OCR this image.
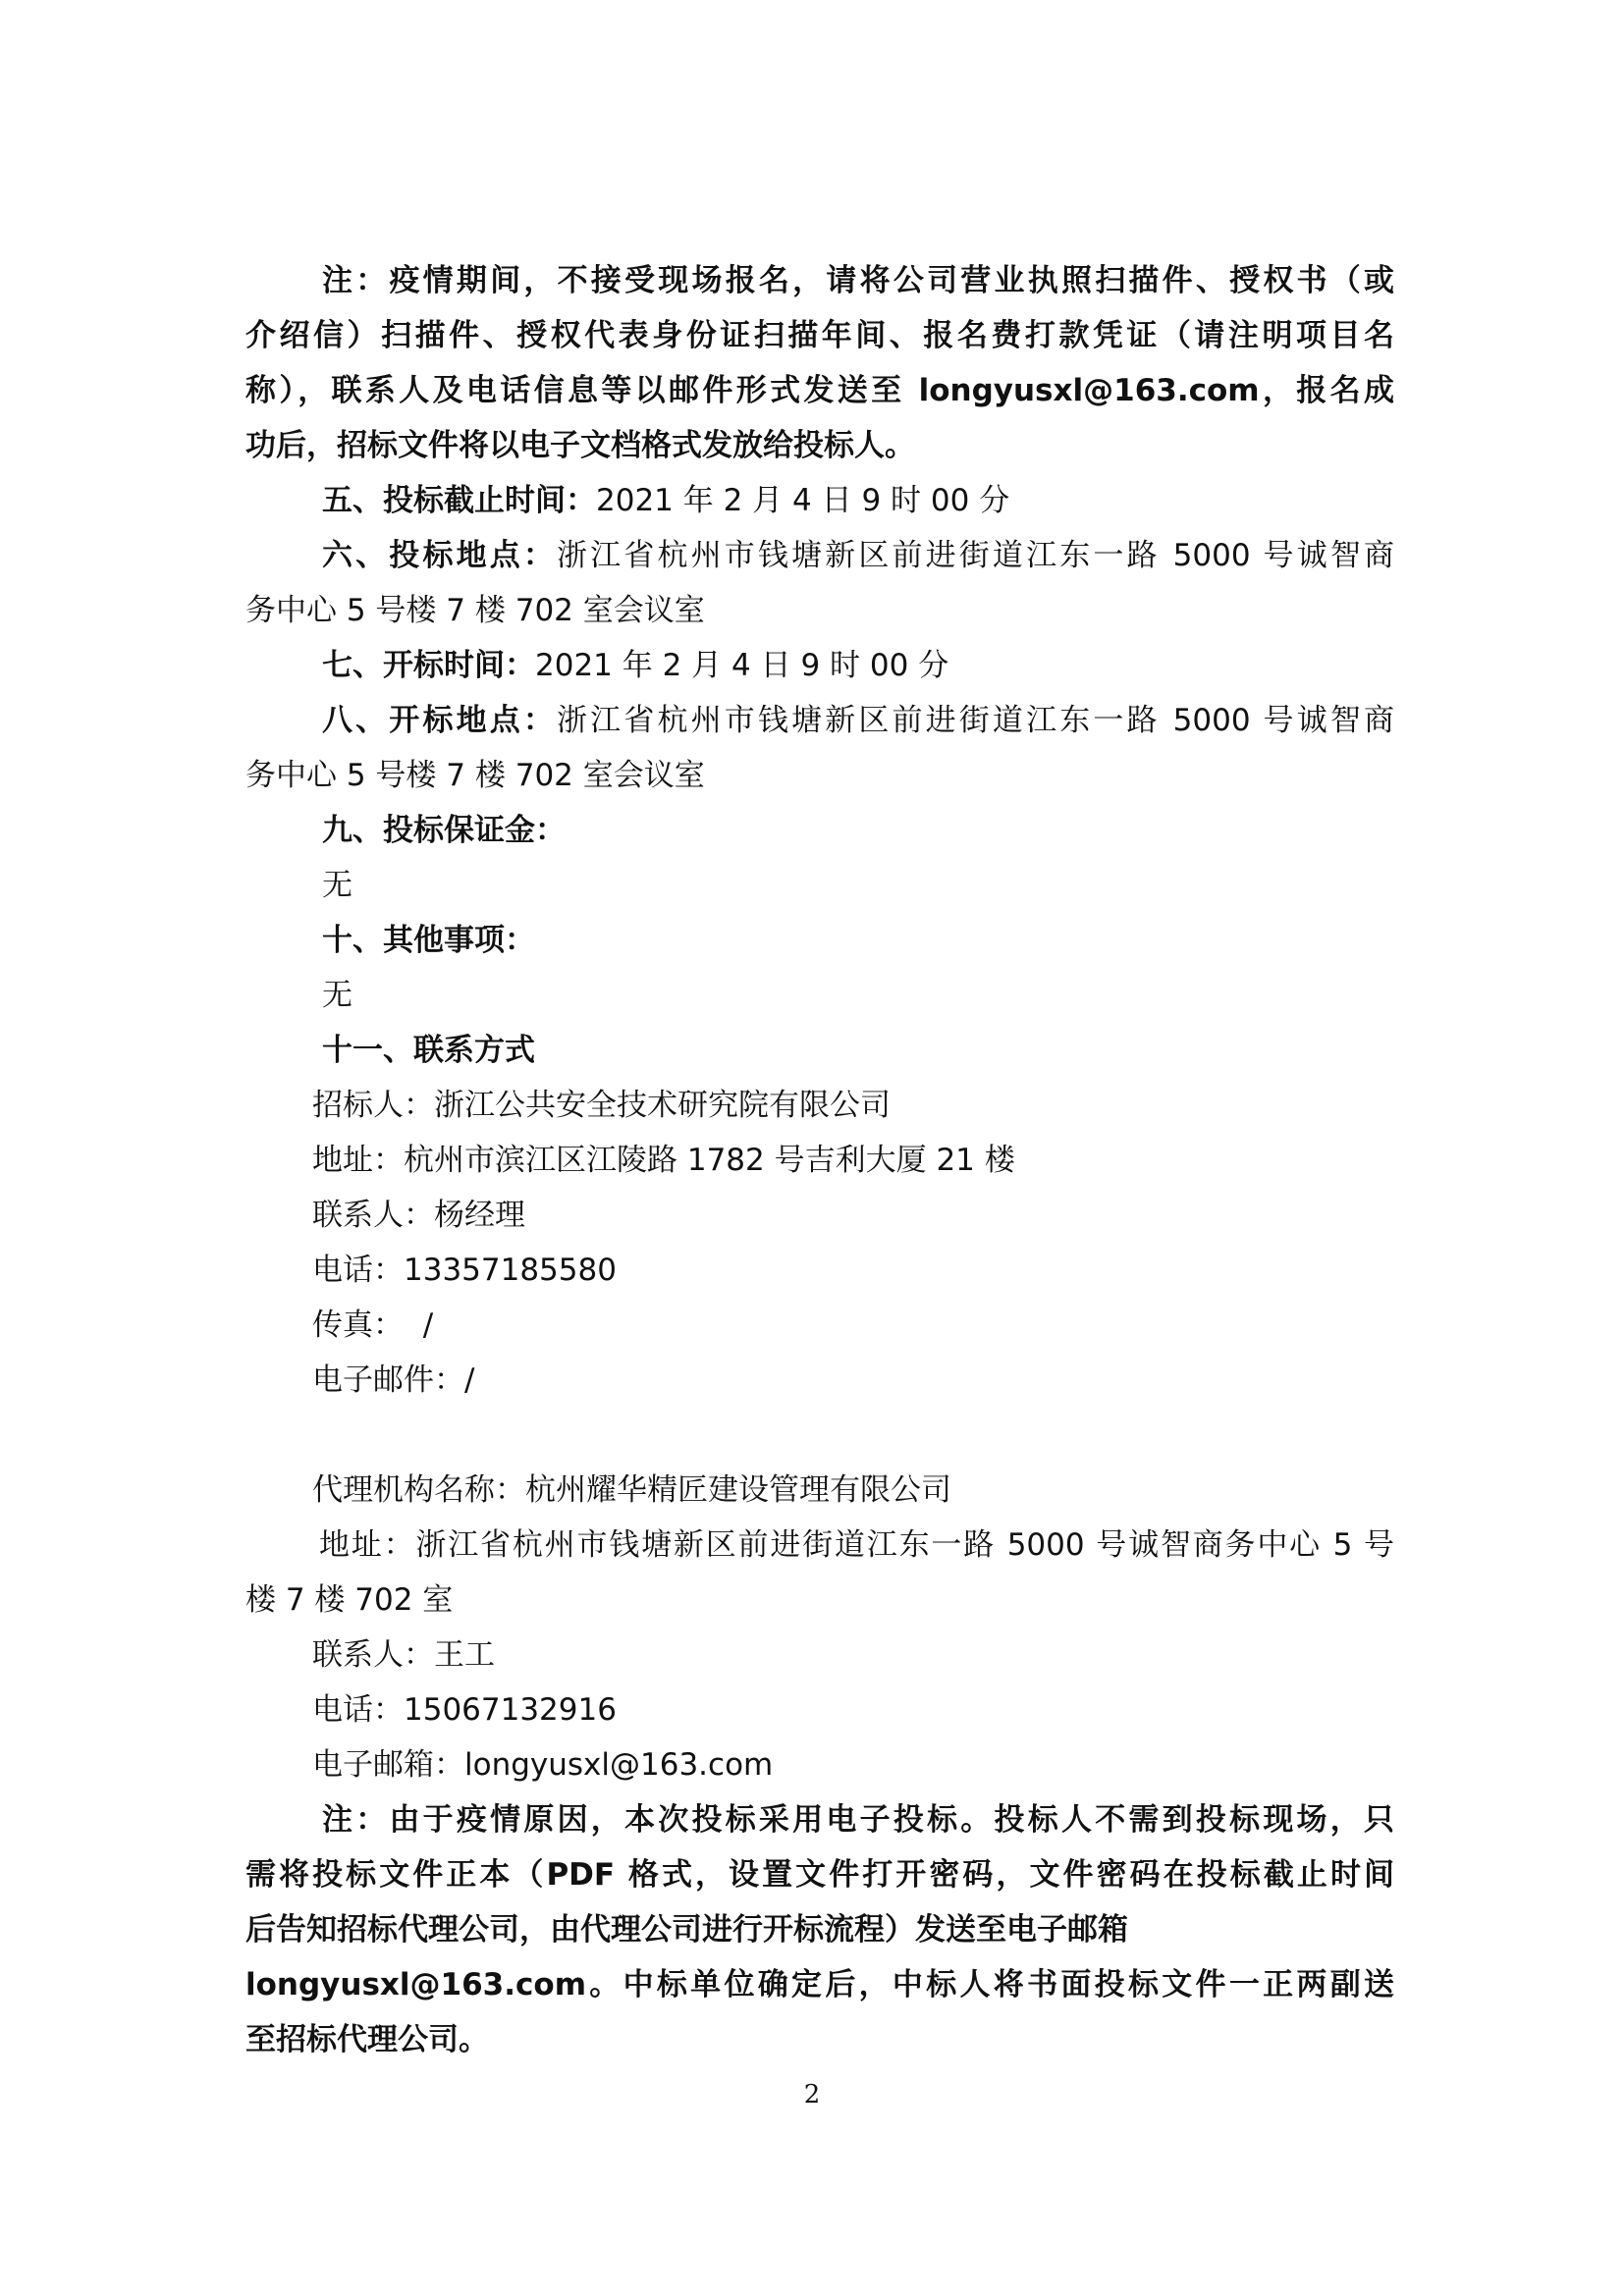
注：疫情期间，不接受现场报名，请将公司营业执照扫描件、授权书（或
介绍信）扫描件、授权代表身份证扫描年间、报名费打款凭证（请注明项目名
称），联系人及电话信息等以邮件形式发送至 longyusxl@163.com，报名成
功后，招标文件将以电子文档格式发放给投标人。
五、投标截止时间：2021 年 2 月 4 日 9 时 00 分
六、投标地点：浙江省杭州市钱塘新区前进街道江东一路 5000 号诚智商
务中心 5 号楼 7 楼 702 室会议室
七、开标时间：2021 年 2 月 4 日 9 时 00 分
八、开标地点：浙江省杭州市钱塘新区前进街道江东一路 5000 号诚智商
务中心 5 号楼 7 楼 702 室会议室
九、投标保证金：
无
十、其他事项：
无
十一、联系方式
招标人：浙江公共安全技术研究院有限公司
地址：杭州市滨江区江陵路 1782 号吉利大厦 21 楼
联系人：杨经理
电话：13357185580
传真：  /
电子邮件：/
代理机构名称：杭州耀华精匠建设管理有限公司
地址：浙江省杭州市钱塘新区前进街道江东一路 5000 号诚智商务中心 5 号
楼 7 楼 702 室
联系人：王工
电话：15067132916
电子邮箱：longyusxl@163.com
注：由于疫情原因，本次投标采用电子投标。投标人不需到投标现场，只
需将投标文件正本（PDF 格式，设置文件打开密码，文件密码在投标截止时间
后告知招标代理公司，由代理公司进行开标流程）发送至电子邮箱
longyusxl@163.com。中标单位确定后，中标人将书面投标文件一正两副送
至招标代理公司。
2
